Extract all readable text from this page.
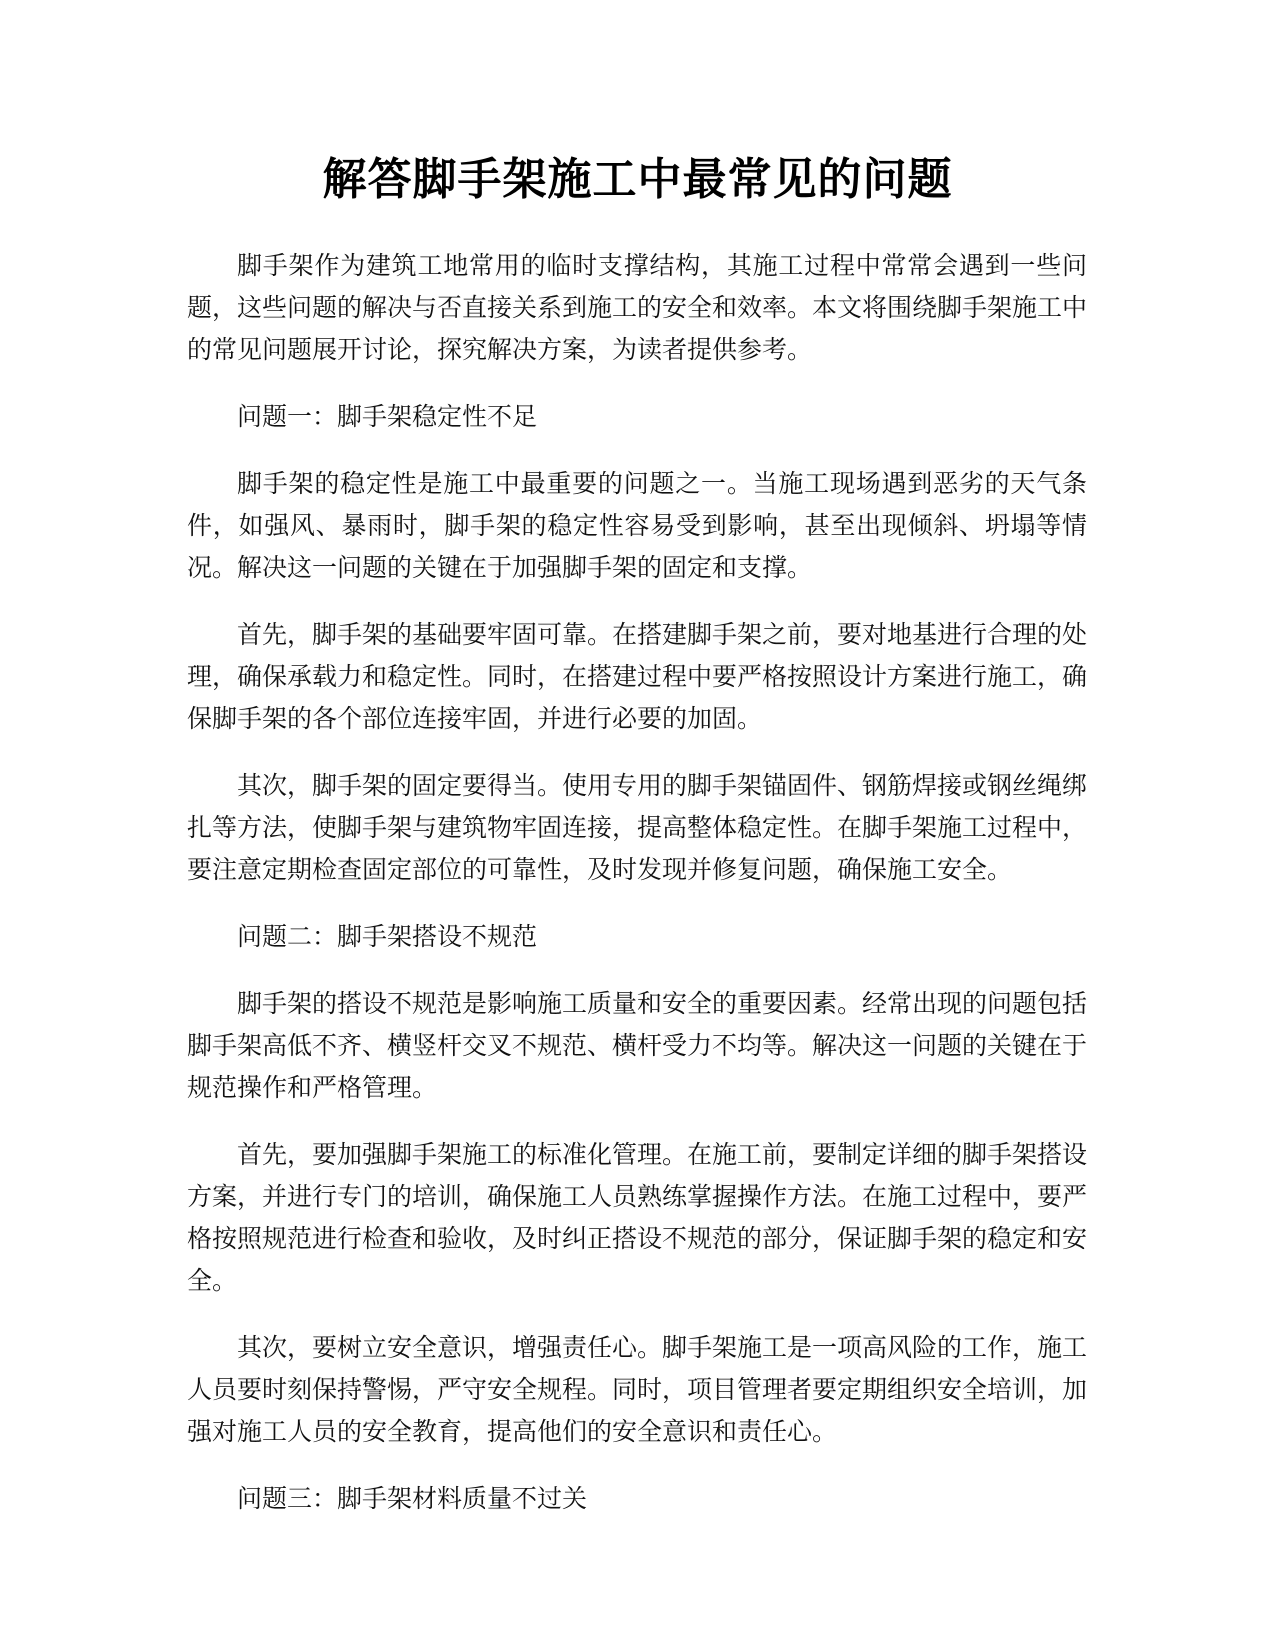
解答脚手架施工中最常见的问题

脚手架作为建筑工地常用的临时支撑结构，其施工过程中常常会遇到一些问题，这些问题的解决与否直接关系到施工的安全和效率。本文将围绕脚手架施工中的常见问题展开讨论，探究解决方案，为读者提供参考。

问题一：脚手架稳定性不足

脚手架的稳定性是施工中最重要的问题之一。当施工现场遇到恶劣的天气条件，如强风、暴雨时，脚手架的稳定性容易受到影响，甚至出现倾斜、坍塌等情况。解决这一问题的关键在于加强脚手架的固定和支撑。

首先，脚手架的基础要牢固可靠。在搭建脚手架之前，要对地基进行合理的处理，确保承载力和稳定性。同时，在搭建过程中要严格按照设计方案进行施工，确保脚手架的各个部位连接牢固，并进行必要的加固。

其次，脚手架的固定要得当。使用专用的脚手架锚固件、钢筋焊接或钢丝绳绑扎等方法，使脚手架与建筑物牢固连接，提高整体稳定性。在脚手架施工过程中，要注意定期检查固定部位的可靠性，及时发现并修复问题，确保施工安全。

问题二：脚手架搭设不规范

脚手架的搭设不规范是影响施工质量和安全的重要因素。经常出现的问题包括脚手架高低不齐、横竖杆交叉不规范、横杆受力不均等。解决这一问题的关键在于规范操作和严格管理。

首先，要加强脚手架施工的标准化管理。在施工前，要制定详细的脚手架搭设方案，并进行专门的培训，确保施工人员熟练掌握操作方法。在施工过程中，要严格按照规范进行检查和验收，及时纠正搭设不规范的部分，保证脚手架的稳定和安全。

其次，要树立安全意识，增强责任心。脚手架施工是一项高风险的工作，施工人员要时刻保持警惕，严守安全规程。同时，项目管理者要定期组织安全培训，加强对施工人员的安全教育，提高他们的安全意识和责任心。

问题三：脚手架材料质量不过关
